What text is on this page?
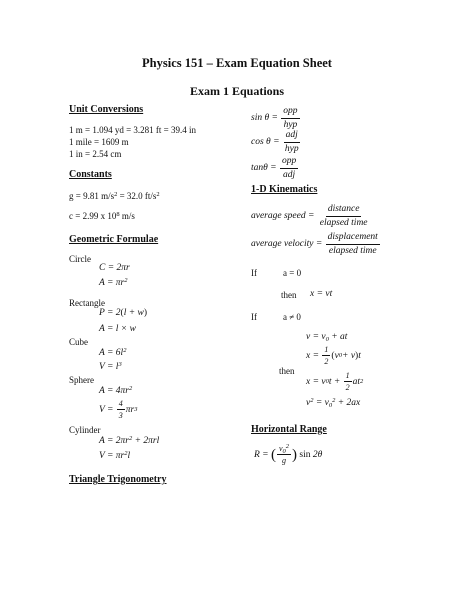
Physics 151 – Exam Equation Sheet
Exam 1 Equations
Unit Conversions
1 m = 1.094 yd = 3.281 ft = 39.4 in
1 mile = 1609 m
1 in = 2.54 cm
Constants
g = 9.81 $m/s^2 = 32.0$ $ft/s^2$
c = 2.99 x $10^8$ m/s
Geometric Formulae
Circle
C = 2πr
$A = \pi r^2$
Rectangle
P = 2(l + w)
A = l × w
Cube
$A = 6l^2$
$V = l^3$
Sphere
$A = 4\pi r^2$
$V = \frac{4}{3}$ πr 3
Cylinder
$A = 2\pi r^2 + 2\pi rl$
$V = \pi r^2l$
Triangle Trigonometry
sin θ =
$\frac{\text{opp}}{\text{hyp}}$
cos θ =
$\frac{\text{adj}}{\text{hyp}}$
tanθ =
$\frac{\text{opp}}{\text{adj}}$
1-D Kinematics
average speed =
$\frac{\text{distance}}{\text{elapsed time}}$
average velocity =
$\frac{\text{displacement}}{\text{elapsed time}}$
If	a = 0
then x = vt
If	a ≠ 0
$v = v_0$ + at
$x = \frac{1}{2}$ ( v 0 + v ) t
then
x = v 0 $t + \frac{1}{2}$ at 2
$v^2 = v_0^2 + 2ax$
Horizontal Range
R = ( $\frac{v_0^2}{g}$ )
sin 2θ
